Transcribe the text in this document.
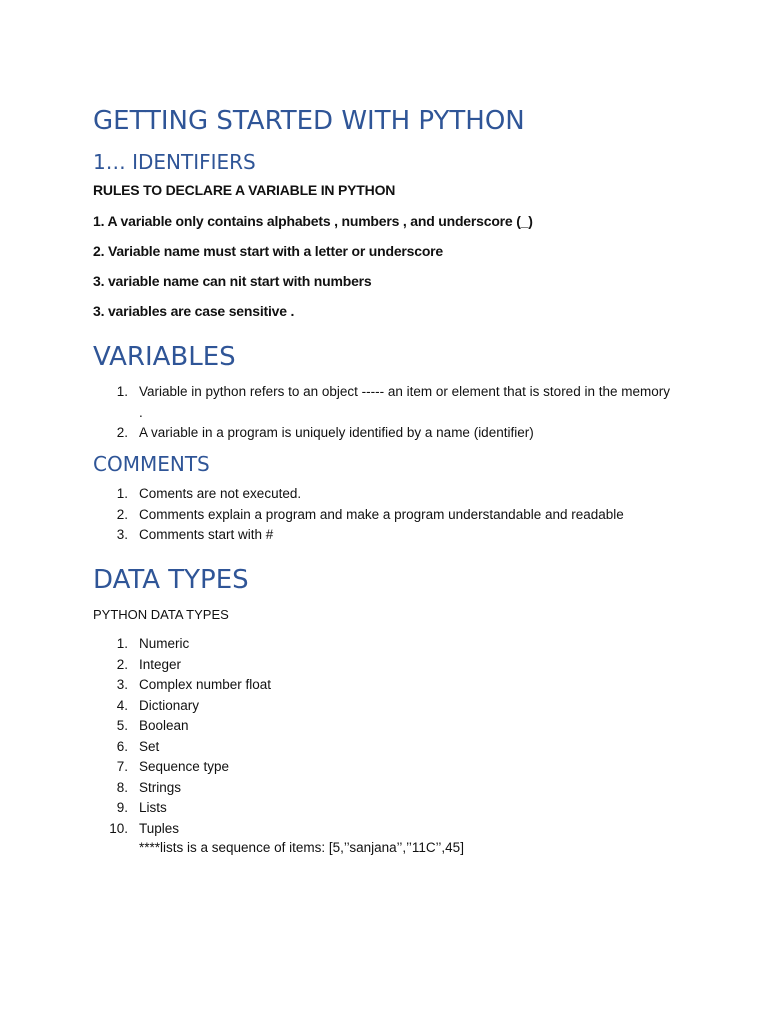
GETTING STARTED WITH PYTHON
1… IDENTIFIERS

RULES TO DECLARE A VARIABLE IN PYTHON

1. A variable only contains alphabets , numbers , and underscore (_)

2. Variable name must start with a letter or underscore

3. variable name can nit start with numbers

3. variables are case sensitive .

VARIABLES
1. Variable in python refers to an object ----- an item or element that is stored in the memory .
2. A variable in a program is uniquely identified by a name (identifier)
COMMENTS
1. Coments are not executed.
2. Comments explain a program and make a program understandable and readable
3. Comments start with #
DATA TYPES

PYTHON DATA TYPES

1. Numeric
2. Integer
3. Complex number float
4. Dictionary
5. Boolean
6. Set
7. Sequence type
8. Strings
9. Lists
10. Tuples

****lists is a sequence of items: [5,’’sanjana’’,’’11C’’,45]
